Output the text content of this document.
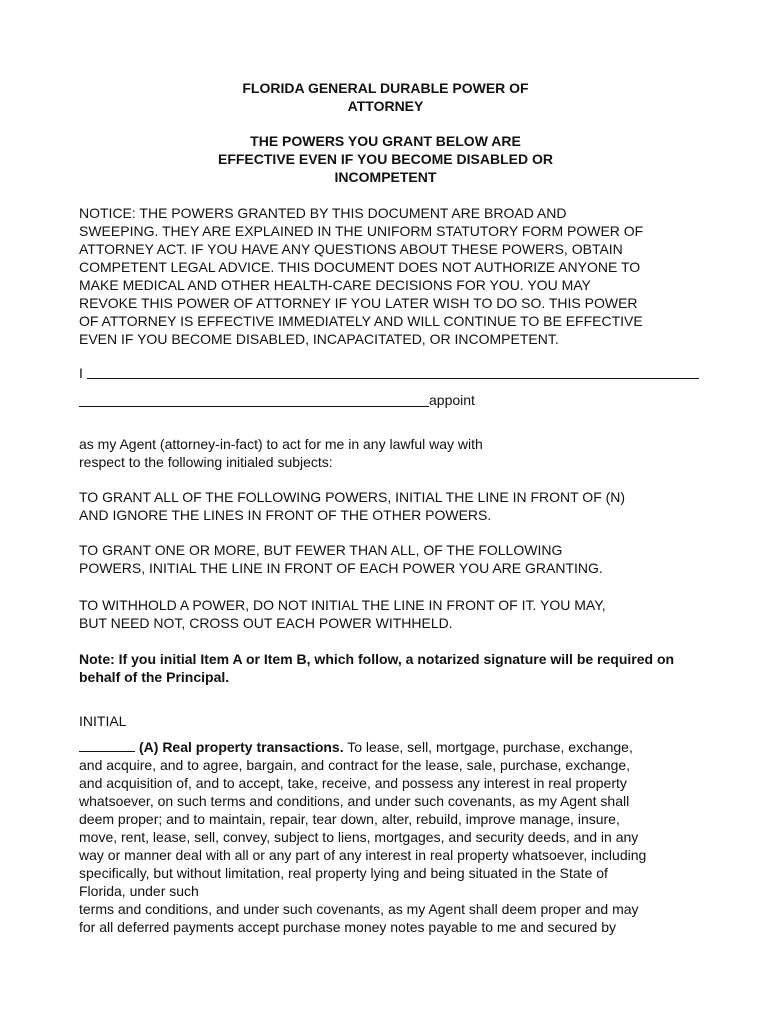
FLORIDA GENERAL DURABLE POWER OF
ATTORNEY

THE POWERS YOU GRANT BELOW ARE
EFFECTIVE EVEN IF YOU BECOME DISABLED OR
INCOMPETENT

NOTICE: THE POWERS GRANTED BY THIS DOCUMENT ARE BROAD AND
SWEEPING. THEY ARE EXPLAINED IN THE UNIFORM STATUTORY FORM POWER OF
ATTORNEY ACT. IF YOU HAVE ANY QUESTIONS ABOUT THESE POWERS, OBTAIN
COMPETENT LEGAL ADVICE. THIS DOCUMENT DOES NOT AUTHORIZE ANYONE TO
MAKE MEDICAL AND OTHER HEALTH-CARE DECISIONS FOR YOU. YOU MAY
REVOKE THIS POWER OF ATTORNEY IF YOU LATER WISH TO DO SO. THIS POWER
OF ATTORNEY IS EFFECTIVE IMMEDIATELY AND WILL CONTINUE TO BE EFFECTIVE
EVEN IF YOU BECOME DISABLED, INCAPACITATED, OR INCOMPETENT.

I
appoint

as my Agent (attorney-in-fact) to act for me in any lawful way with
respect to the following initialed subjects:

TO GRANT ALL OF THE FOLLOWING POWERS, INITIAL THE LINE IN FRONT OF (N)
AND IGNORE THE LINES IN FRONT OF THE OTHER POWERS.

TO GRANT ONE OR MORE, BUT FEWER THAN ALL, OF THE FOLLOWING
POWERS, INITIAL THE LINE IN FRONT OF EACH POWER YOU ARE GRANTING.

TO WITHHOLD A POWER, DO NOT INITIAL THE LINE IN FRONT OF IT. YOU MAY,
BUT NEED NOT, CROSS OUT EACH POWER WITHHELD.

Note: If you initial Item A or Item B, which follow, a notarized signature will be required on behalf of the Principal.

INITIAL

(A) Real property transactions. To lease, sell, mortgage, purchase, exchange,
and acquire, and to agree, bargain, and contract for the lease, sale, purchase, exchange,
and acquisition of, and to accept, take, receive, and possess any interest in real property
whatsoever, on such terms and conditions, and under such covenants, as my Agent shall
deem proper; and to maintain, repair, tear down, alter, rebuild, improve manage, insure,
move, rent, lease, sell, convey, subject to liens, mortgages, and security deeds, and in any
way or manner deal with all or any part of any interest in real property whatsoever, including
specifically, but without limitation, real property lying and being situated in the State of
Florida, under such

terms and conditions, and under such covenants, as my Agent shall deem proper and may
for all deferred payments accept purchase money notes payable to me and secured by
